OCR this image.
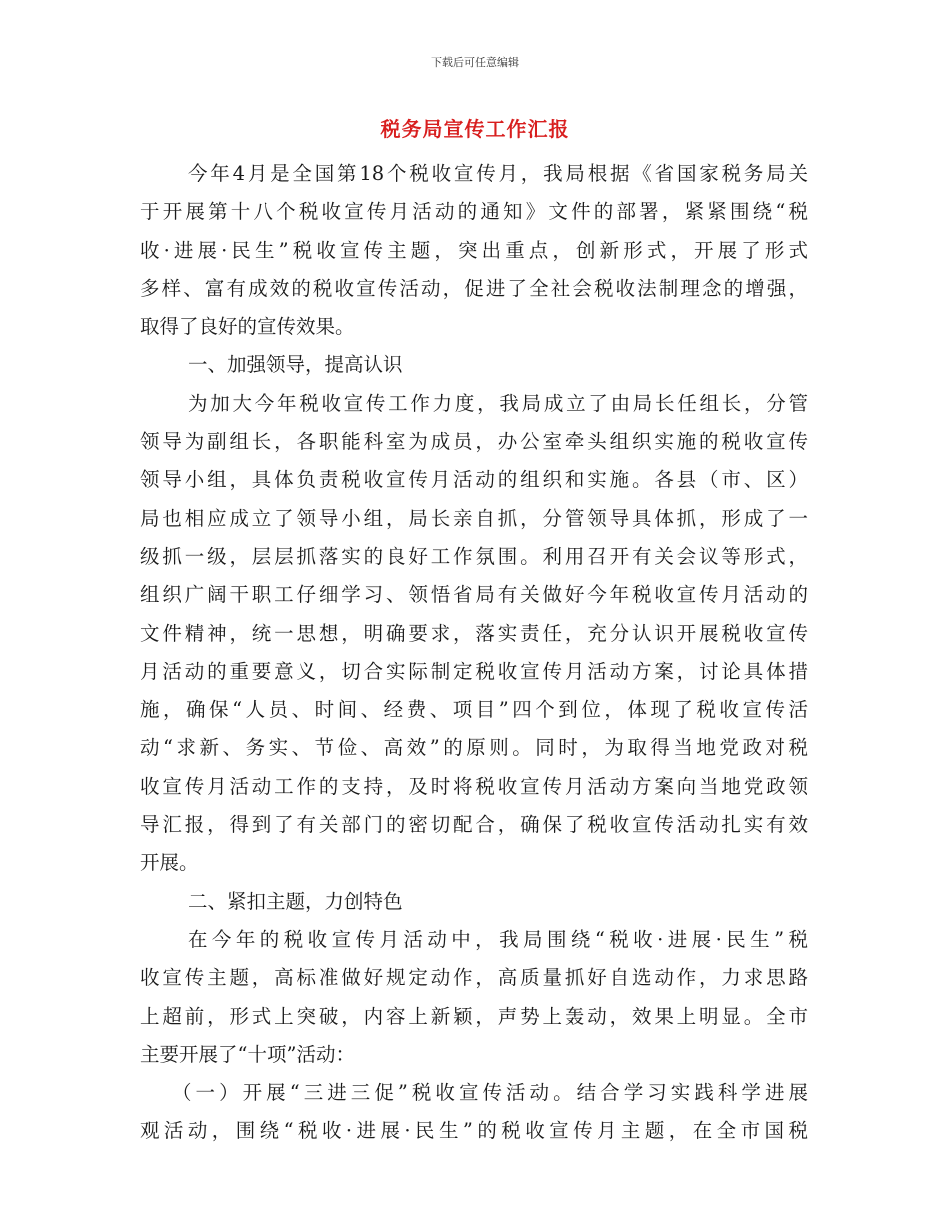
下载后可任意编辑
税务局宣传工作汇报
今年4月是全国第18个税收宣传月，我局根据《省国家税务局关
于开展第十八个税收宣传月活动的通知》文件的部署，紧紧围绕“税
收·进展·民生”税收宣传主题，突出重点，创新形式，开展了形式
多样、富有成效的税收宣传活动，促进了全社会税收法制理念的增强，
取得了良好的宣传效果。
一、加强领导，提高认识
为加大今年税收宣传工作力度，我局成立了由局长任组长，分管
领导为副组长，各职能科室为成员，办公室牵头组织实施的税收宣传
领导小组，具体负责税收宣传月活动的组织和实施。各县（市、区）
局也相应成立了领导小组，局长亲自抓，分管领导具体抓，形成了一
级抓一级，层层抓落实的良好工作氛围。利用召开有关会议等形式，
组织广阔干职工仔细学习、领悟省局有关做好今年税收宣传月活动的
文件精神，统一思想，明确要求，落实责任，充分认识开展税收宣传
月活动的重要意义，切合实际制定税收宣传月活动方案，讨论具体措
施，确保“人员、时间、经费、项目”四个到位，体现了税收宣传活
动“求新、务实、节俭、高效”的原则。同时，为取得当地党政对税
收宣传月活动工作的支持，及时将税收宣传月活动方案向当地党政领
导汇报，得到了有关部门的密切配合，确保了税收宣传活动扎实有效
开展。
二、紧扣主题，力创特色
在今年的税收宣传月活动中，我局围绕“税收·进展·民生”税
收宣传主题，高标准做好规定动作，高质量抓好自选动作，力求思路
上超前，形式上突破，内容上新颖，声势上轰动，效果上明显。全市
主要开展了“十项”活动：
（一）开展“三进三促”税收宣传活动。结合学习实践科学进展
观活动，围绕“税收·进展·民生”的税收宣传月主题，在全市国税
